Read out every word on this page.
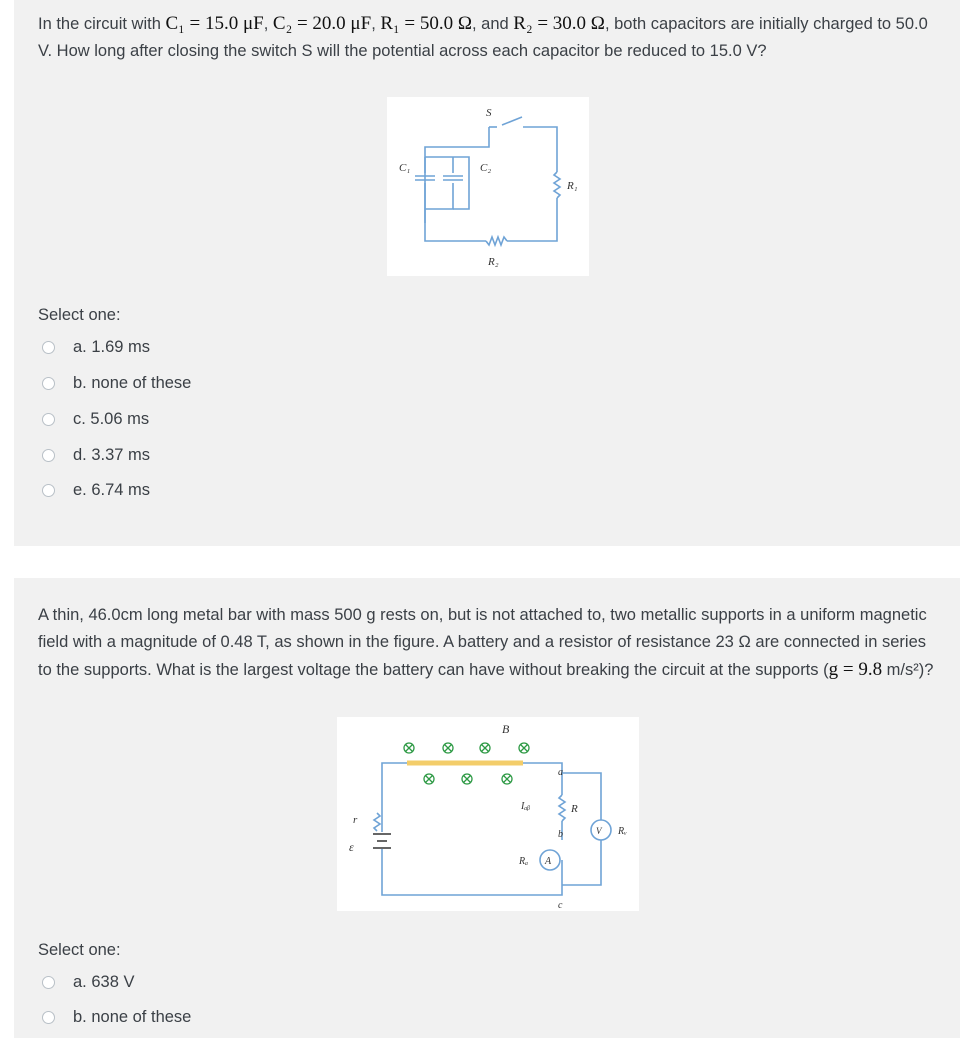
In the circuit with C₁ = 15.0 μF, C₂ = 20.0 μF, R₁ = 50.0 Ω, and R₂ = 30.0 Ω, both capacitors are initially charged to 50.0 V. How long after closing the switch S will the potential across each capacitor be reduced to 15.0 V?
S
C₁	C₂
R₁
R₂
Select one:
a. 1.69 ms
b. none of these
c. 5.06 ms
d. 3.37 ms
e. 6.74 ms
A thin, 46.0cm long metal bar with mass 500 g rests on, but is not attached to, two metallic supports in a uniform magnetic field with a magnitude of 0.48 T, as shown in the figure. A battery and a resistor of resistance 23 Ω are connected in series to the supports. What is the largest voltage the battery can have without breaking the circuit at the supports (g = 9.8 m/s²)?
B
a
Iₐᵦ	R
b	V Rᵥ
Rₐ A
c
r
ε
Select one:
a. 638 V
b. none of these
